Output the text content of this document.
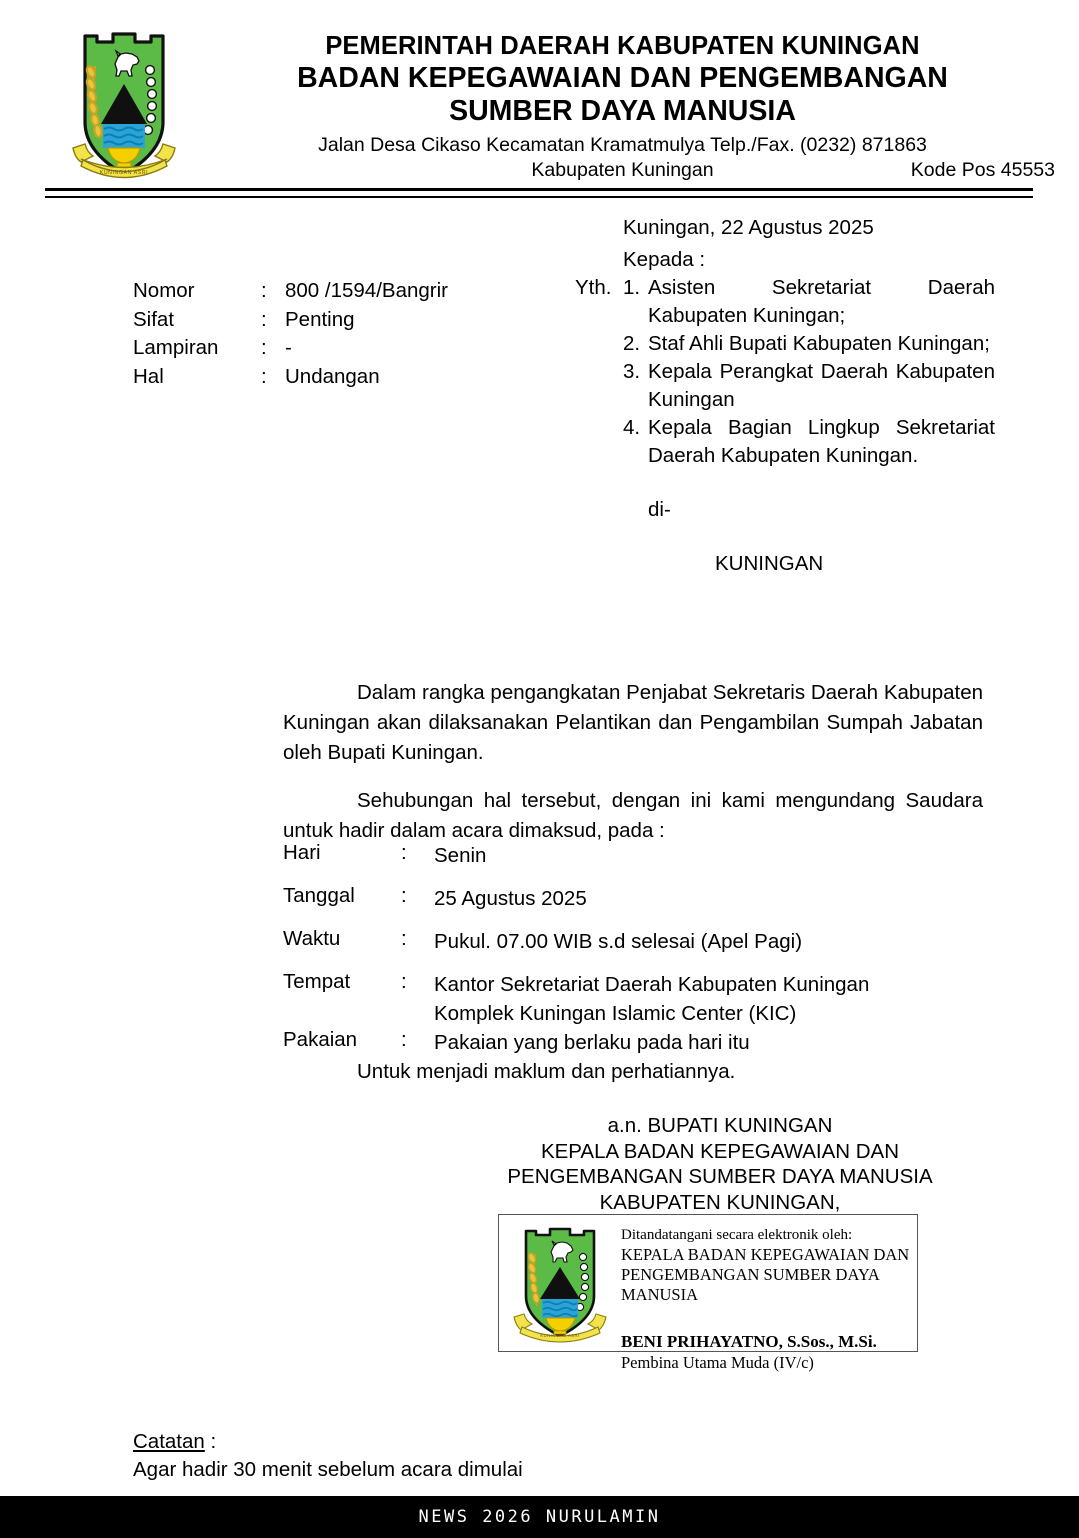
KUNINGAN ASRI
PEMERINTAH DAERAH KABUPATEN KUNINGAN
BADAN KEPEGAWAIAN DAN PENGEMBANGAN
SUMBER DAYA MANUSIA
Jalan Desa Cikaso Kecamatan Kramatmulya Telp./Fax. (0232) 871863
Kabupaten Kuningan	Kode Pos 45553
Nomor	: 800 /1594/Bangrir
Sifat	: Penting
Lampiran	: -
Hal	: Undangan
Kuningan, 22 Agustus 2025
Kepada :
Yth. 1. Asisten Sekretariat Daerah Kabupaten Kuningan;
2. Staf Ahli Bupati Kabupaten Kuningan;
3. Kepala Perangkat Daerah Kabupaten Kuningan
4. Kepala Bagian Lingkup Sekretariat Daerah Kabupaten Kuningan.
di-
KUNINGAN

Dalam rangka pengangkatan Penjabat Sekretaris Daerah Kabupaten Kuningan akan dilaksanakan Pelantikan dan Pengambilan Sumpah Jabatan oleh Bupati Kuningan.

Sehubungan hal tersebut, dengan ini kami mengundang Saudara untuk hadir dalam acara dimaksud, pada :

Hari	:	Senin
Tanggal	:	25 Agustus 2025
Waktu	:	Pukul. 07.00 WIB s.d selesai (Apel Pagi)
Tempat	:	Kantor Sekretariat Daerah Kabupaten Kuningan
Komplek Kuningan Islamic Center (KIC)
Pakaian	:	Pakaian yang berlaku pada hari itu
Untuk menjadi maklum dan perhatiannya.
a.n. BUPATI KUNINGAN
KEPALA BADAN KEPEGAWAIAN DAN
PENGEMBANGAN SUMBER DAYA MANUSIA
KABUPATEN KUNINGAN,
KUNINGAN ASRI
Ditandatangani secara elektronik oleh:
KEPALA BADAN KEPEGAWAIAN DAN
PENGEMBANGAN SUMBER DAYA MANUSIA
BENI PRIHAYATNO, S.Sos., M.Si.
Pembina Utama Muda (IV/c)
Catatan :
Agar hadir 30 menit sebelum acara dimulai
NEWS 2026 NURULAMIN
